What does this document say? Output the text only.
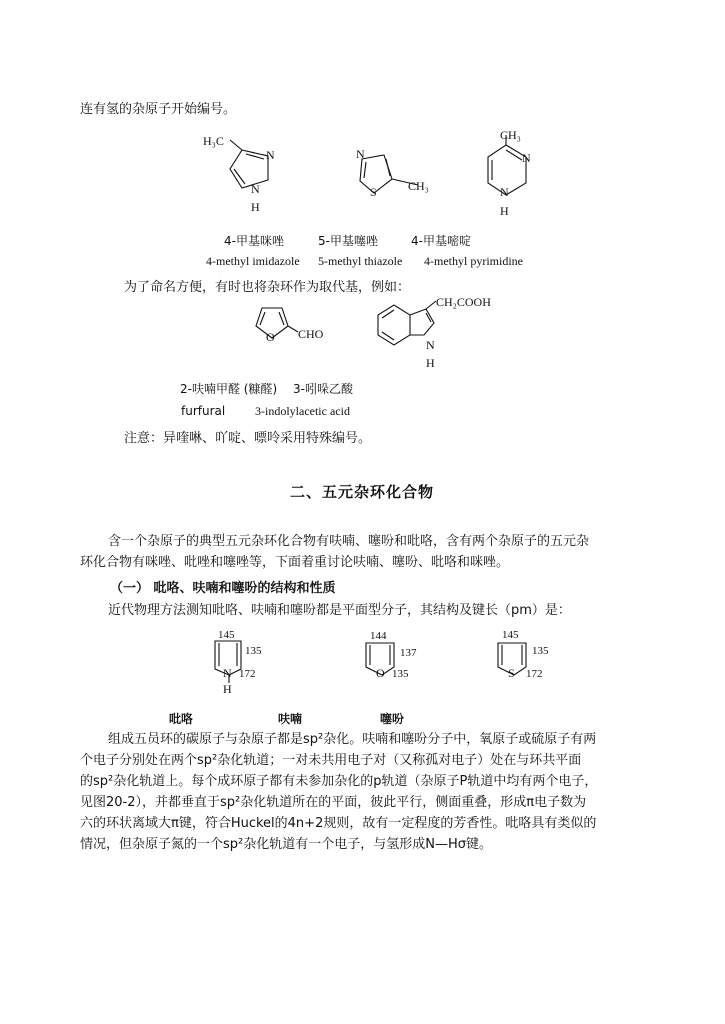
连有氢的杂原子开始编号。
H₃C
N
N
H
N
S	CH₃
CH₃
N
N
H
4-甲基咪唑	5-甲基噻唑	4-甲基嘧啶
4-methyl imidazole 5-methyl thiazole 4-methyl pyrimidine
为了命名方便，有时也将杂环作为取代基，例如：
O CHO
CH₂COOH
N
H
2-呋喃甲醛 (糠醛) 3-吲哚乙酸
furfural 3-indolylacetic acid
注意：异喹啉、吖啶、嘌呤采用特殊编号。
二、五元杂环化合物

含一个杂原子的典型五元杂环化合物有呋喃、噻吩和吡咯，含有两个杂原子的五元杂

环化合物有咪唑、吡唑和噻唑等，下面着重讨论呋喃、噻吩、吡咯和咪唑。

（一） 吡咯、呋喃和噻吩的结构和性质
近代物理方法测知吡咯、呋喃和噻吩都是平面型分子，其结构及键长（pm）是：
145
135
N 172
H
144
137
O 135
145
135
S 172
吡咯	呋喃	噻吩

组成五员环的碳原子与杂原子都是sp²杂化。呋喃和噻吩分子中，氧原子或硫原子有两

个电子分别处在两个sp²杂化轨道；一对未共用电子对（又称孤对电子）处在与环共平面

的sp²杂化轨道上。每个成环原子都有未参加杂化的p轨道（杂原子P轨道中均有两个电子，

见图20-2），并都垂直于sp²杂化轨道所在的平面，彼此平行，侧面重叠，形成π电子数为

六的环状离域大π键，符合Huckel的4n+2规则，故有一定程度的芳香性。吡咯具有类似的

情况，但杂原子氮的一个sp²杂化轨道有一个电子，与氢形成N—Hσ键。
